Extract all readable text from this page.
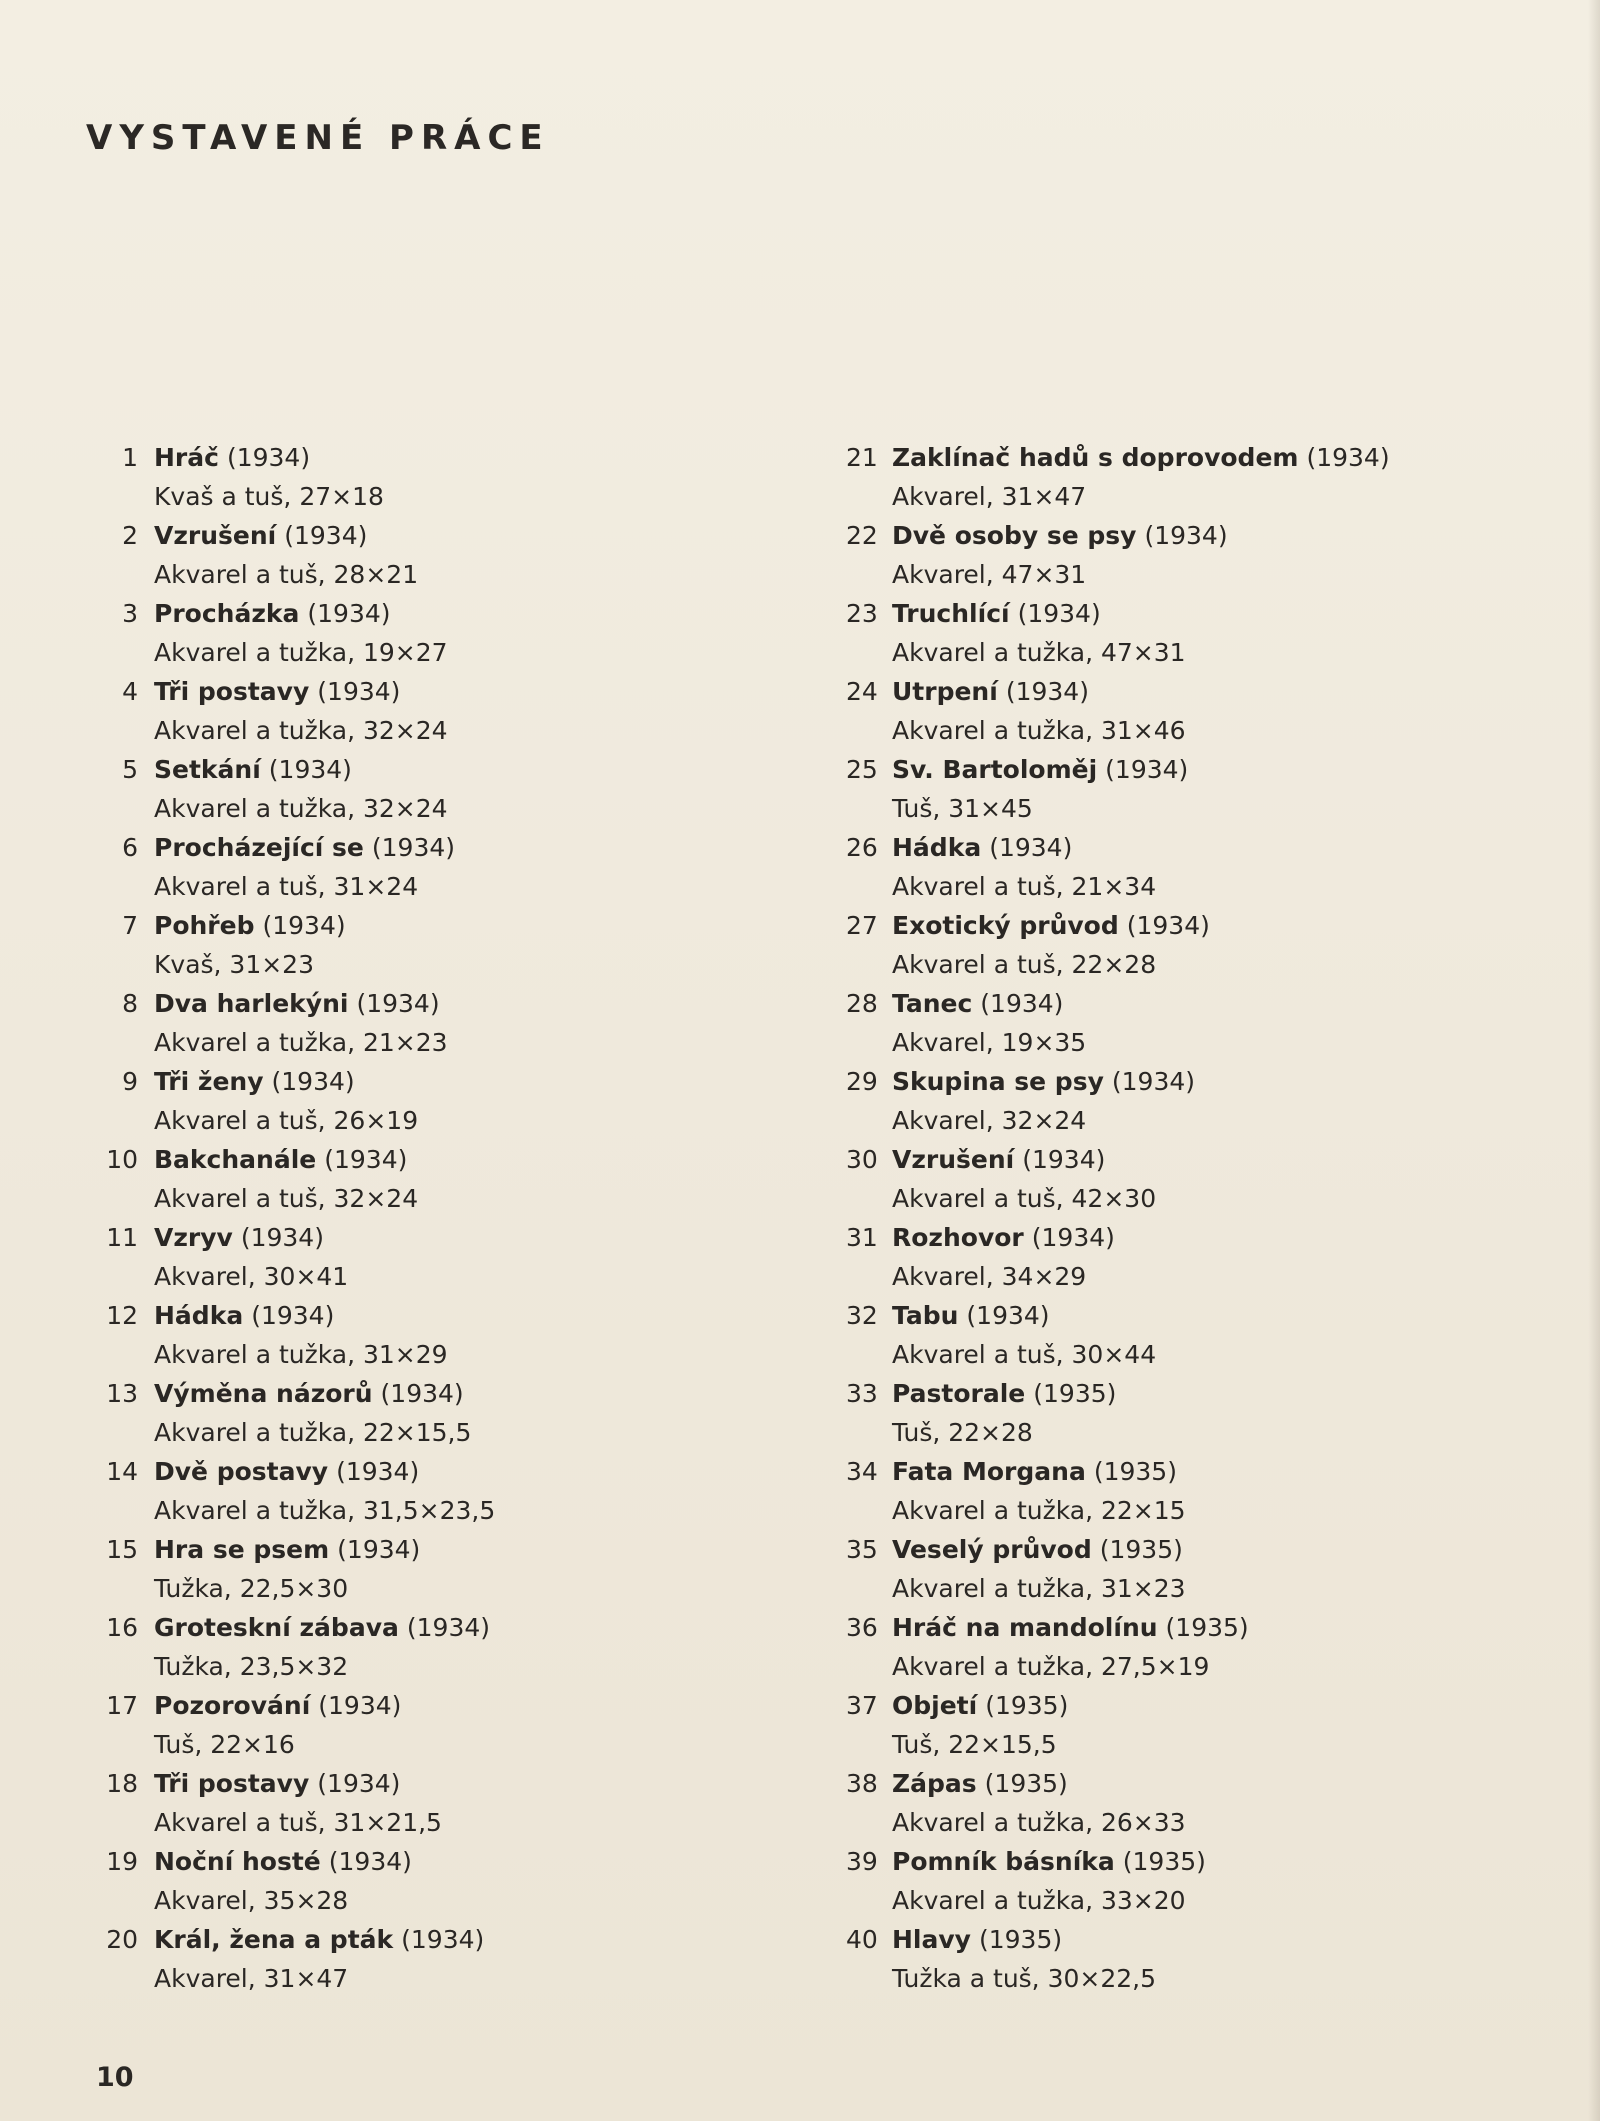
VYSTAVENÉ PRÁCE
1 Hráč (1934)
Kvaš a tuš, 27⨯18
2 Vzrušení (1934)
Akvarel a tuš, 28⨯21
3 Procházka (1934)
Akvarel a tužka, 19⨯27
4 Tři postavy (1934)
Akvarel a tužka, 32⨯24
5 Setkání (1934)
Akvarel a tužka, 32⨯24
6 Procházející se (1934)
Akvarel a tuš, 31⨯24
7 Pohřeb (1934)
Kvaš, 31⨯23
8 Dva harlekýni (1934)
Akvarel a tužka, 21⨯23
9 Tři ženy (1934)
Akvarel a tuš, 26⨯19
10 Bakchanále (1934)
Akvarel a tuš, 32⨯24
11 Vzryv (1934)
Akvarel, 30⨯41
12 Hádka (1934)
Akvarel a tužka, 31⨯29
13 Výměna názorů (1934)
Akvarel a tužka, 22⨯15,5
14 Dvě postavy (1934)
Akvarel a tužka, 31,5⨯23,5
15 Hra se psem (1934)
Tužka, 22,5⨯30
16 Groteskní zábava (1934)
Tužka, 23,5⨯32
17 Pozorování (1934)
Tuš, 22⨯16
18 Tři postavy (1934)
Akvarel a tuš, 31⨯21,5
19 Noční hosté (1934)
Akvarel, 35⨯28
20 Král, žena a pták (1934)
Akvarel, 31⨯47
21 Zaklínač hadů s doprovodem (1934)
Akvarel, 31⨯47
22 Dvě osoby se psy (1934)
Akvarel, 47⨯31
23 Truchlící (1934)
Akvarel a tužka, 47⨯31
24 Utrpení (1934)
Akvarel a tužka, 31⨯46
25 Sv. Bartoloměj (1934)
Tuš, 31⨯45
26 Hádka (1934)
Akvarel a tuš, 21⨯34
27 Exotický průvod (1934)
Akvarel a tuš, 22⨯28
28 Tanec (1934)
Akvarel, 19⨯35
29 Skupina se psy (1934)
Akvarel, 32⨯24
30 Vzrušení (1934)
Akvarel a tuš, 42⨯30
31 Rozhovor (1934)
Akvarel, 34⨯29
32 Tabu (1934)
Akvarel a tuš, 30⨯44
33 Pastorale (1935)
Tuš, 22⨯28
34 Fata Morgana (1935)
Akvarel a tužka, 22⨯15
35 Veselý průvod (1935)
Akvarel a tužka, 31⨯23
36 Hráč na mandolínu (1935)
Akvarel a tužka, 27,5⨯19
37 Objetí (1935)
Tuš, 22⨯15,5
38 Zápas (1935)
Akvarel a tužka, 26⨯33
39 Pomník básníka (1935)
Akvarel a tužka, 33⨯20
40 Hlavy (1935)
Tužka a tuš, 30⨯22,5
10
